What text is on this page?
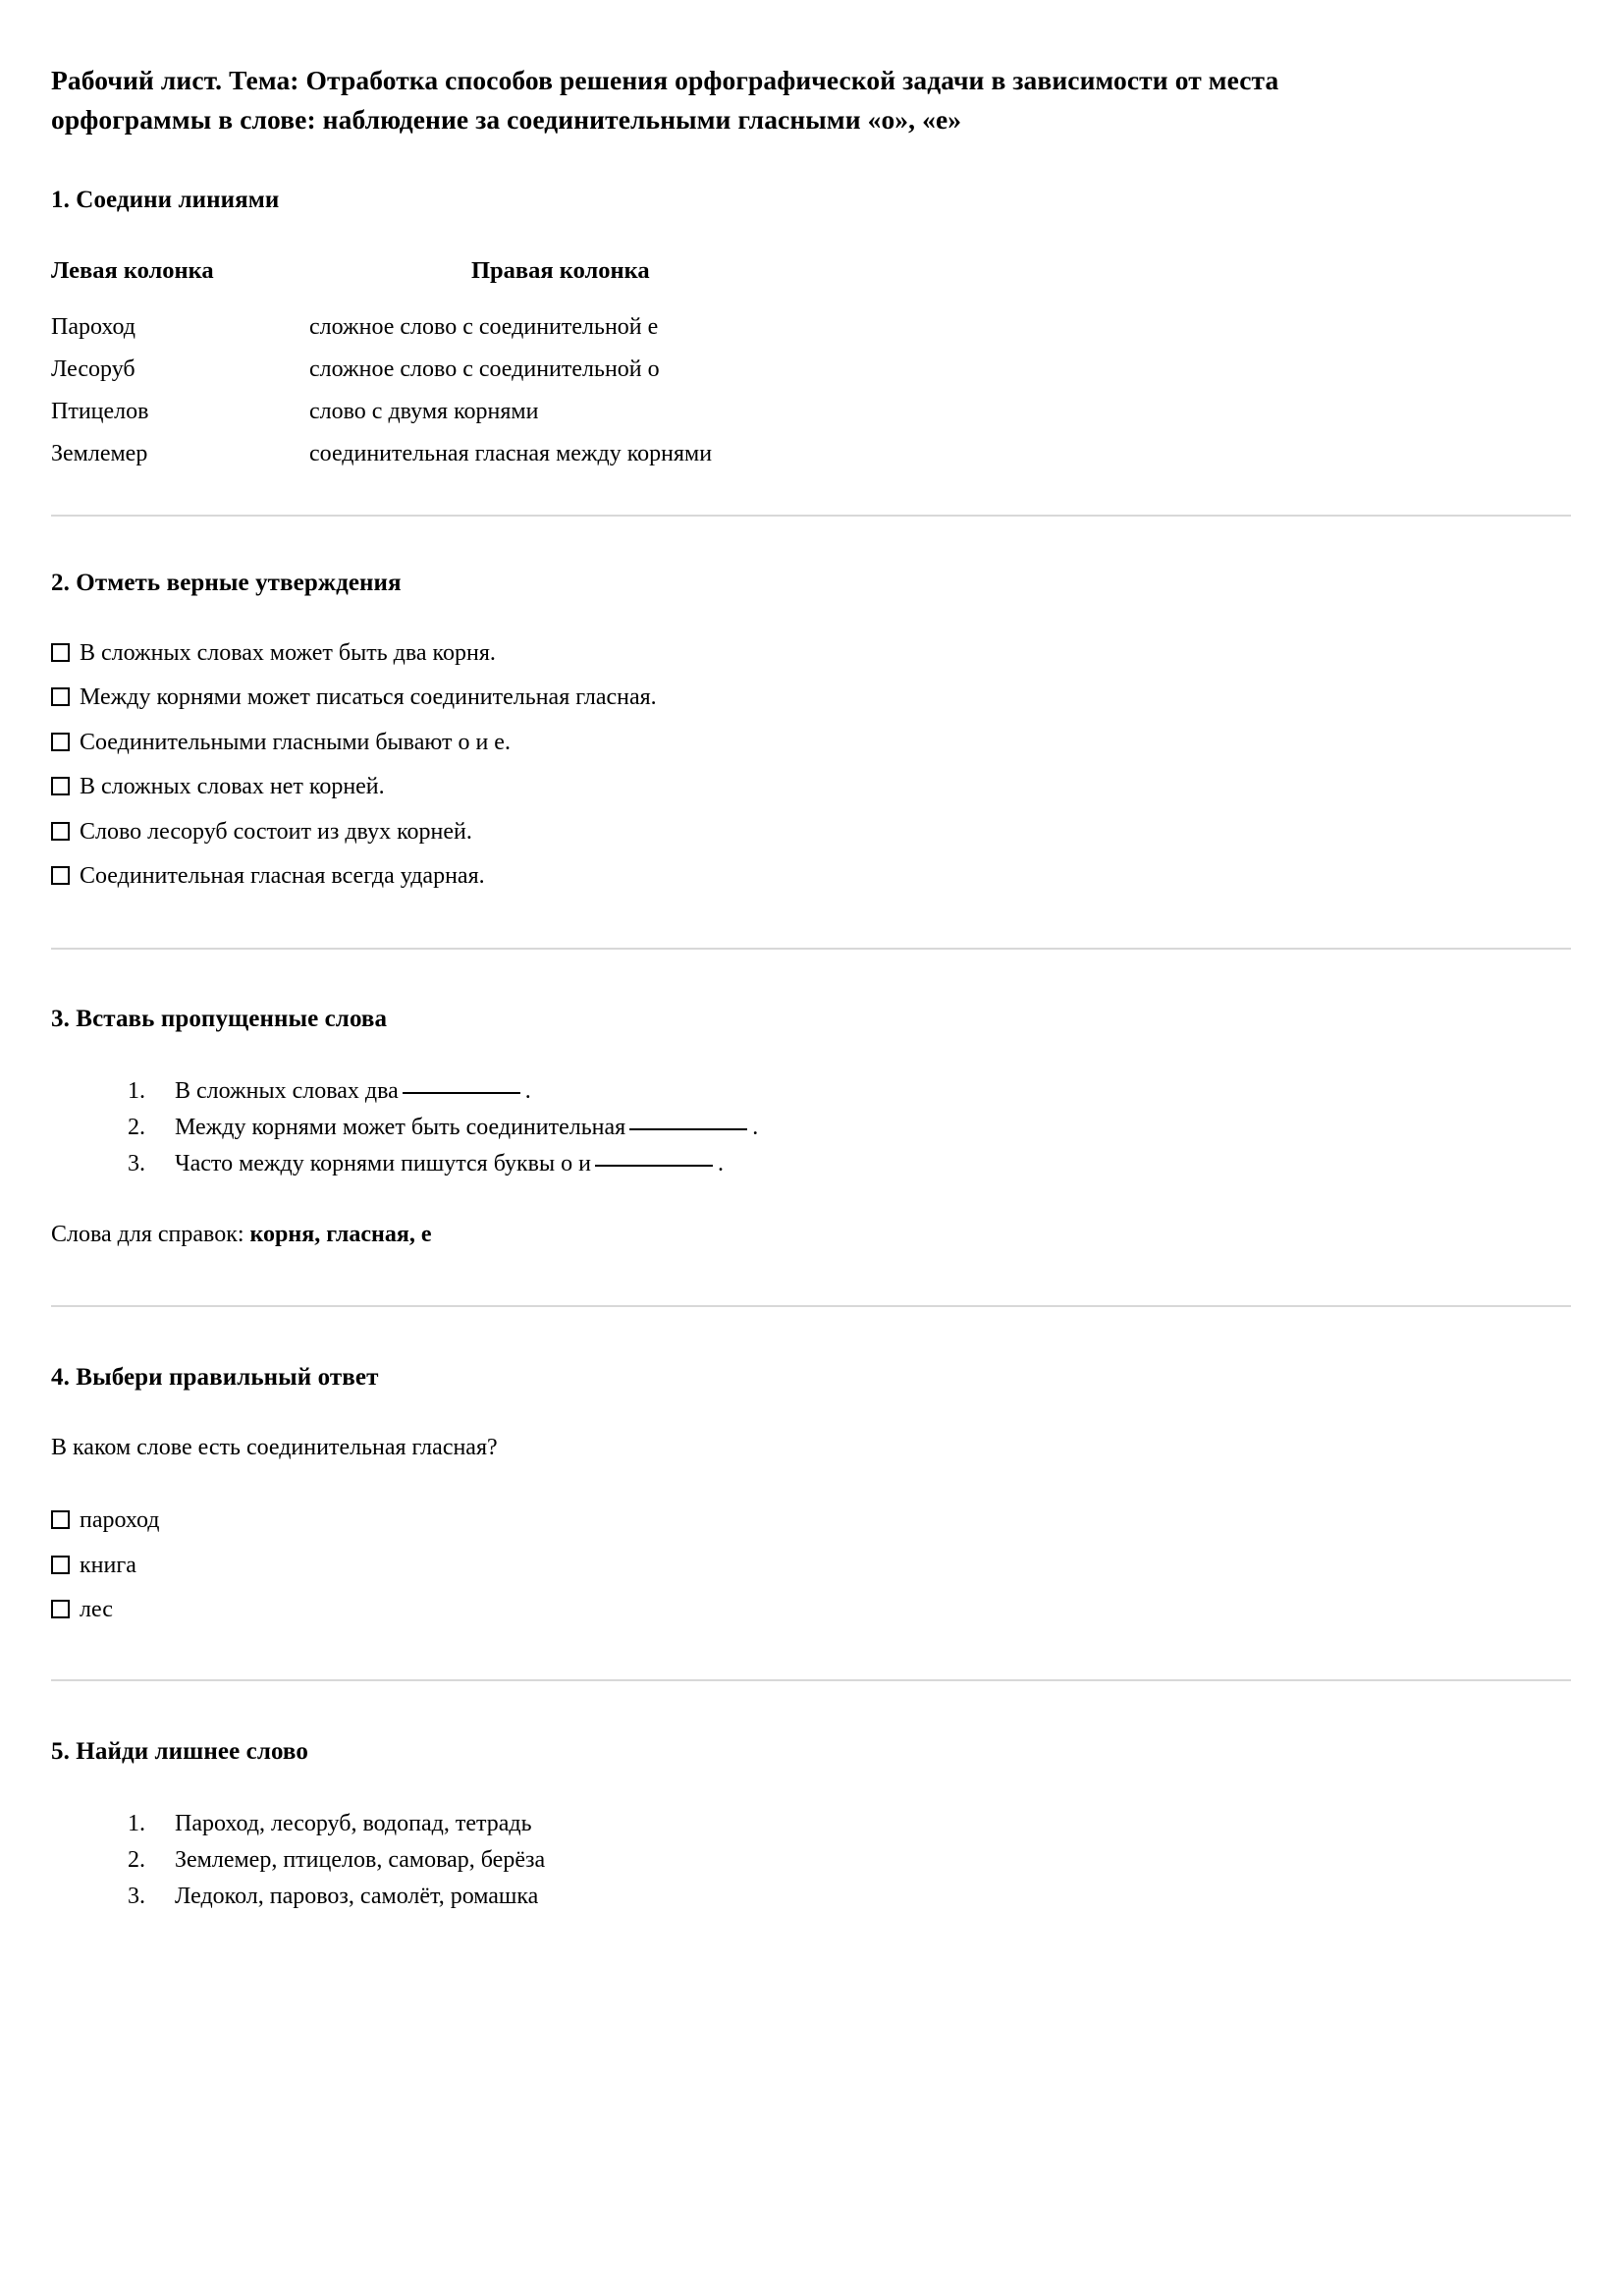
Рабочий лист. Тема: Отработка способов решения орфографической задачи в зависимости от места орфограммы в слове: наблюдение за соединительными гласными «о», «е»
1. Соедини линиями
Левая колонка	Правая колонка
Пароход	сложное слово с соединительной е
Лесоруб	сложное слово с соединительной о
Птицелов	слово с двумя корнями
Землемер	соединительная гласная между корнями
2. Отметь верные утверждения
В сложных словах может быть два корня.
Между корнями может писаться соединительная гласная.
Соединительными гласными бывают о и е.
В сложных словах нет корней.
Слово лесоруб состоит из двух корней.
Соединительная гласная всегда ударная.
3. Вставь пропущенные слова
В сложных словах два	.
Между корнями может быть соединительная	.
Часто между корнями пишутся буквы о и	.

Слова для справок: корня, гласная, е

4. Выбери правильный ответ

В каком слове есть соединительная гласная?

пароход
книга
лес
5. Найди лишнее слово
Пароход, лесоруб, водопад, тетрадь
Землемер, птицелов, самовар, берёза
Ледокол, паровоз, самолёт, ромашка
